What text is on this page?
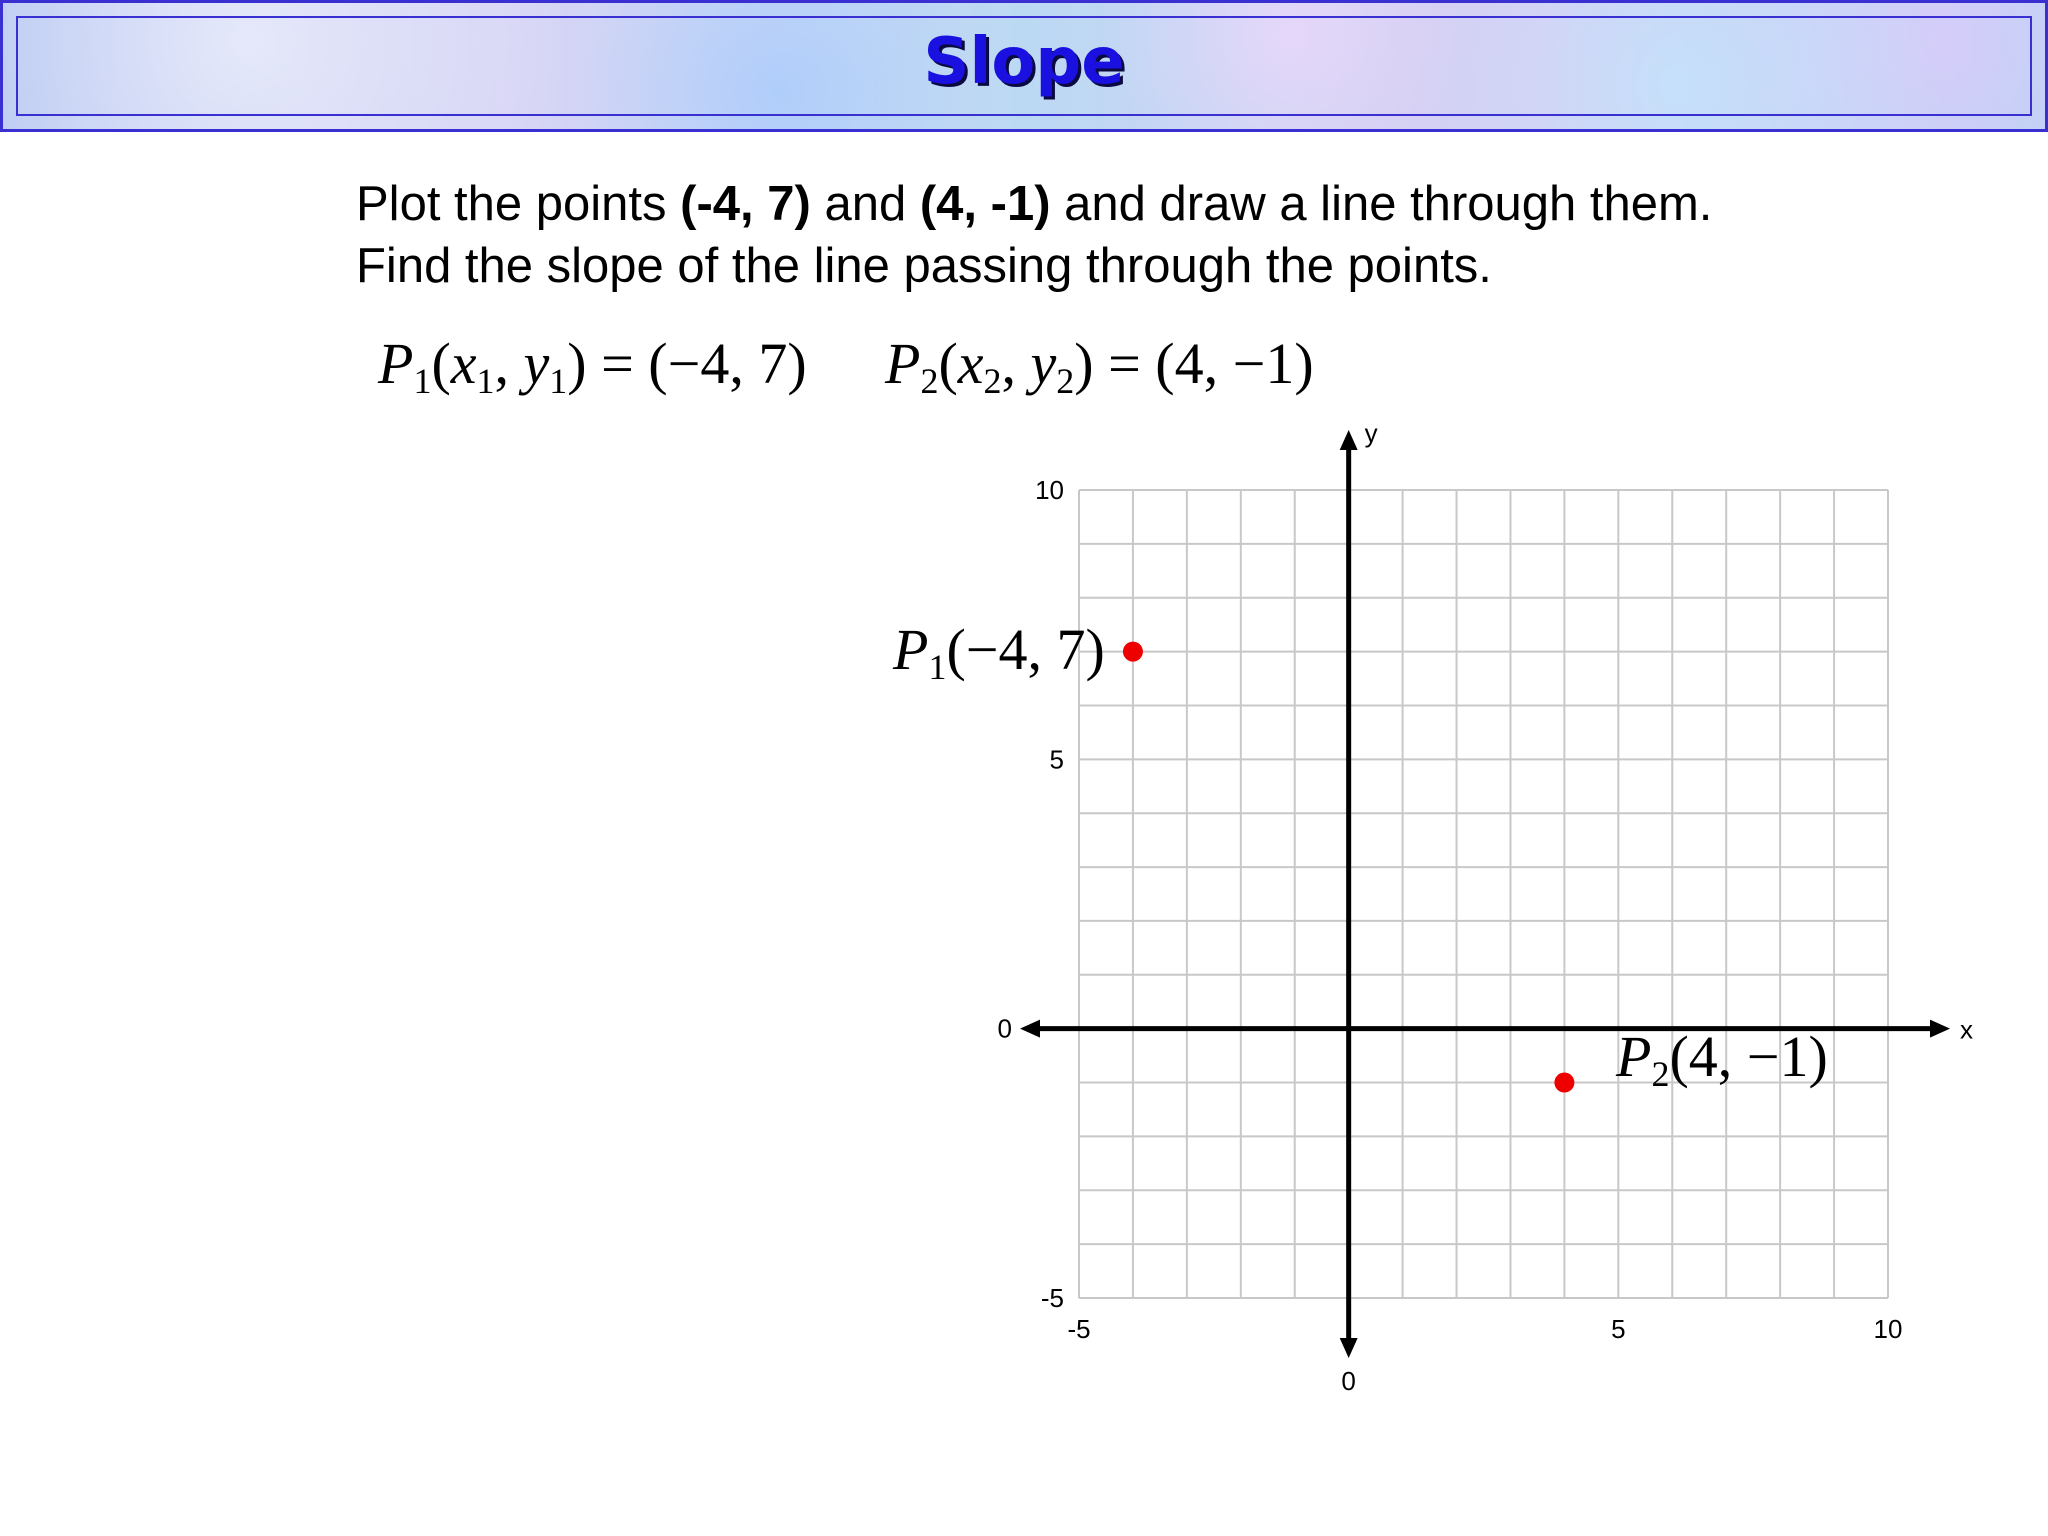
Slope
Plot the points (-4, 7) and (4, -1) and draw a line through them.
Find the slope of the line passing through the points.
$P_1(x_1$, $y_1) = (-4$, 7) $P_2(x_2$, $y_2) = (4$, −1)
x
y
-5
0
5	10
-5
0
5
10
$P_1(-4$, 7)
$P_2(4$, −1)
